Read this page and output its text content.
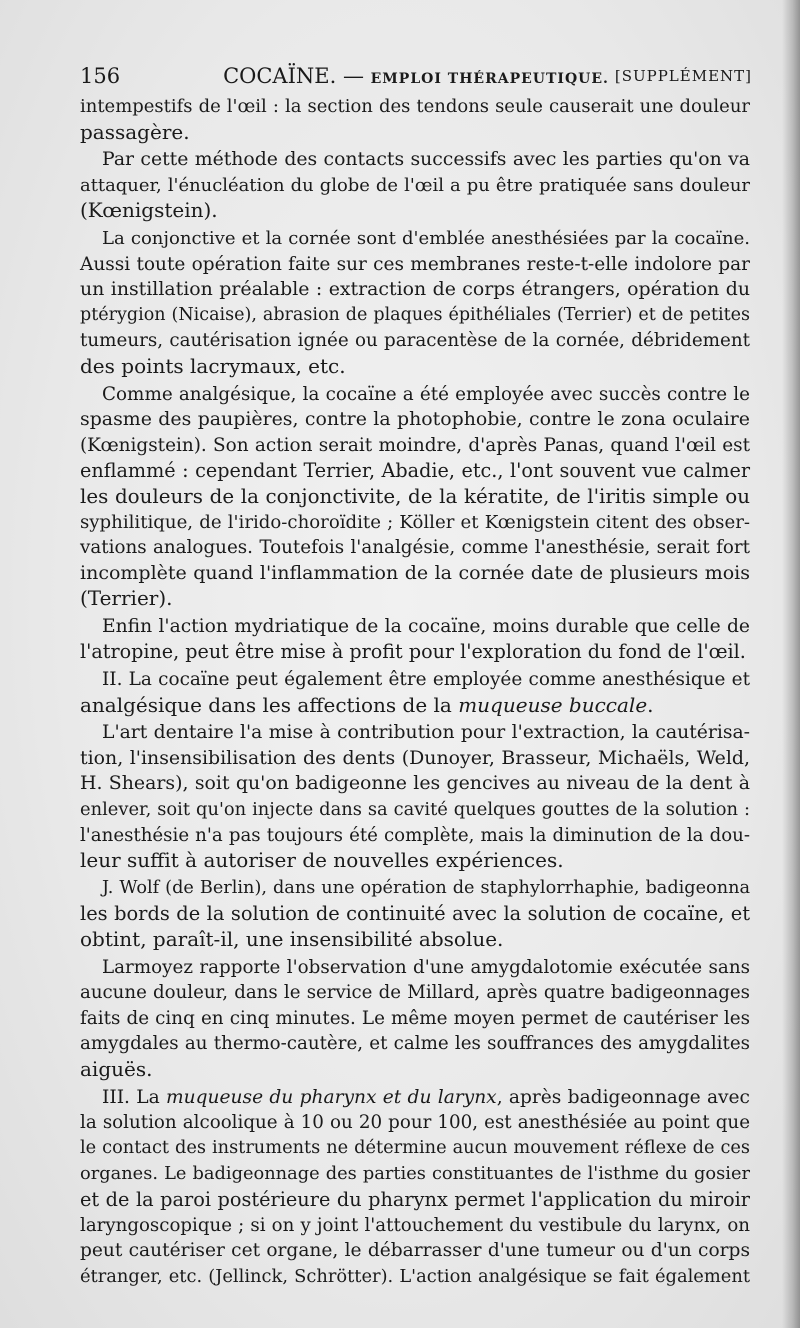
156	COCAÏNE. — EMPLOI THÉRAPEUTIQUE. [SUPPLÉMENT]
intempestifs de l'œil : la section des tendons seule causerait une douleur
passagère.
Par cette méthode des contacts successifs avec les parties qu'on va
attaquer, l'énucléation du globe de l'œil a pu être pratiquée sans douleur
(Kœnigstein).
La conjonctive et la cornée sont d'emblée anesthésiées par la cocaïne.
Aussi toute opération faite sur ces membranes reste-t-elle indolore par
un instillation préalable : extraction de corps étrangers, opération du
ptérygion (Nicaise), abrasion de plaques épithéliales (Terrier) et de petites
tumeurs, cautérisation ignée ou paracentèse de la cornée, débridement
des points lacrymaux, etc.
Comme analgésique, la cocaïne a été employée avec succès contre le
spasme des paupières, contre la photophobie, contre le zona oculaire
(Kœnigstein). Son action serait moindre, d'après Panas, quand l'œil est
enflammé : cependant Terrier, Abadie, etc., l'ont souvent vue calmer
les douleurs de la conjonctivite, de la kératite, de l'iritis simple ou
syphilitique, de l'irido-choroïdite ; Köller et Kœnigstein citent des obser-
vations analogues. Toutefois l'analgésie, comme l'anesthésie, serait fort
incomplète quand l'inflammation de la cornée date de plusieurs mois
(Terrier).
Enfin l'action mydriatique de la cocaïne, moins durable que celle de
l'atropine, peut être mise à profit pour l'exploration du fond de l'œil.
II. La cocaïne peut également être employée comme anesthésique et
analgésique dans les affections de la muqueuse buccale.
L'art dentaire l'a mise à contribution pour l'extraction, la cautérisa-
tion, l'insensibilisation des dents (Dunoyer, Brasseur, Michaëls, Weld,
H. Shears), soit qu'on badigeonne les gencives au niveau de la dent à
enlever, soit qu'on injecte dans sa cavité quelques gouttes de la solution :
l'anesthésie n'a pas toujours été complète, mais la diminution de la dou-
leur suffit à autoriser de nouvelles expériences.
J. Wolf (de Berlin), dans une opération de staphylorrhaphie, badigeonna
les bords de la solution de continuité avec la solution de cocaïne, et
obtint, paraît-il, une insensibilité absolue.
Larmoyez rapporte l'observation d'une amygdalotomie exécutée sans
aucune douleur, dans le service de Millard, après quatre badigeonnages
faits de cinq en cinq minutes. Le même moyen permet de cautériser les
amygdales au thermo-cautère, et calme les souffrances des amygdalites
aiguës.
III. La muqueuse du pharynx et du larynx, après badigeonnage avec
la solution alcoolique à 10 ou 20 pour 100, est anesthésiée au point que
le contact des instruments ne détermine aucun mouvement réflexe de ces
organes. Le badigeonnage des parties constituantes de l'isthme du gosier
et de la paroi postérieure du pharynx permet l'application du miroir
laryngoscopique ; si on y joint l'attouchement du vestibule du larynx, on
peut cautériser cet organe, le débarrasser d'une tumeur ou d'un corps
étranger, etc. (Jellinck, Schrötter). L'action analgésique se fait également
